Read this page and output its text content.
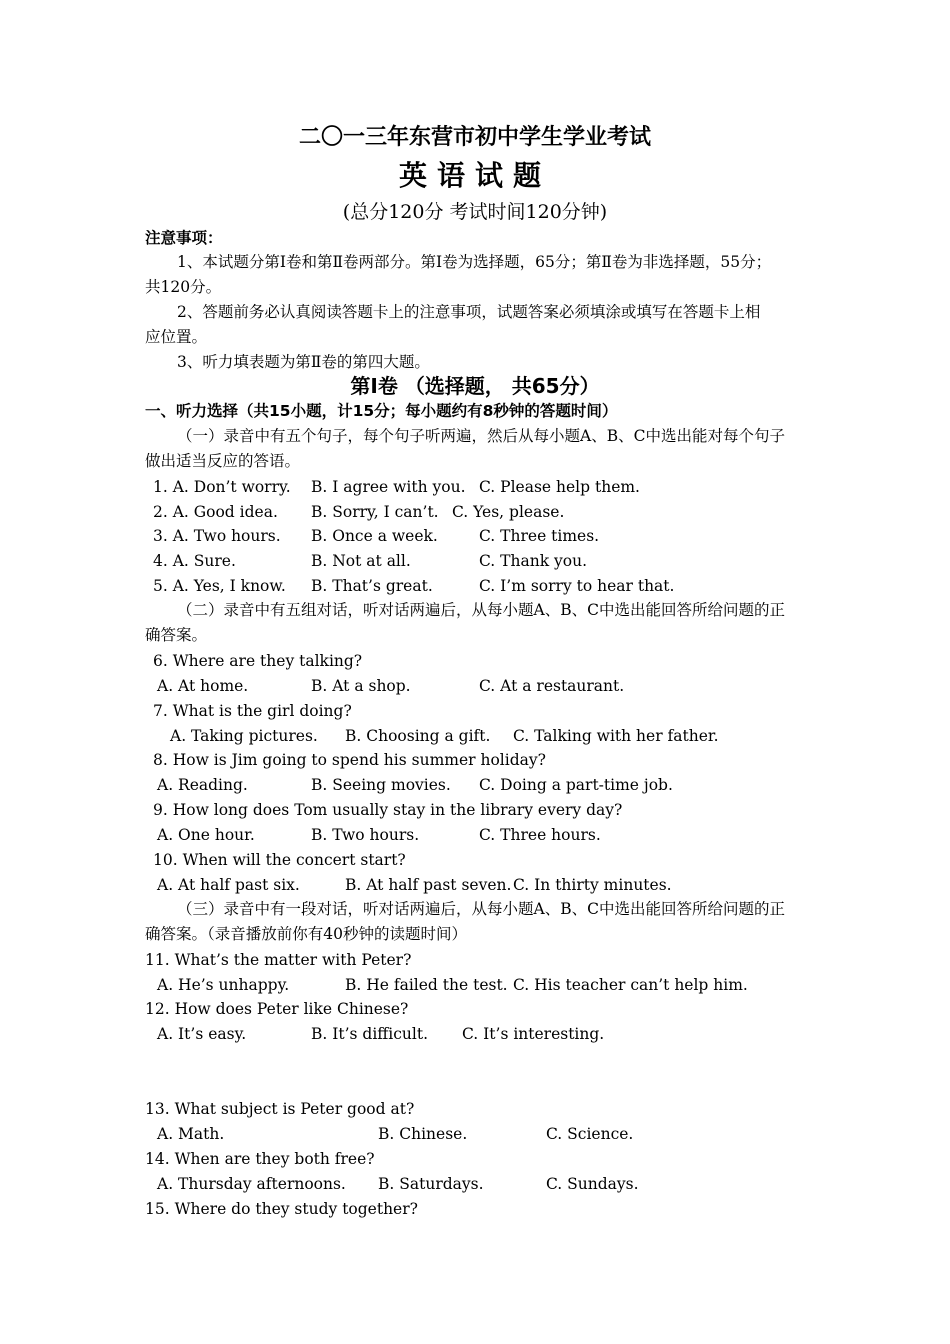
二〇一三年东营市初中学生学业考试
英语试题
(总分120分 考试时间120分钟)
注意事项：
1、本试题分第Ⅰ卷和第Ⅱ卷两部分。第Ⅰ卷为选择题，65分；第Ⅱ卷为非选择题，55分；
共120分。
2、答题前务必认真阅读答题卡上的注意事项，试题答案必须填涂或填写在答题卡上相
应位置。
3、听力填表题为第Ⅱ卷的第四大题。
第Ⅰ卷 （选择题， 共65分）
一、听力选择（共15小题，计15分；每小题约有8秒钟的答题时间）
（一）录音中有五个句子，每个句子听两遍，然后从每小题A、B、C中选出能对每个句子
做出适当反应的答语。
1. A. Don’t worry. B. I agree with you. C. Please help them.
2. A. Good idea. B. Sorry, I can’t. C. Yes, please.
3. A. Two hours. B. Once a week.	C. Three times.
4. A. Sure.	B. Not at all.	C. Thank you.
5. A. Yes, I know. B. That’s great.	C. I’m sorry to hear that.
（二）录音中有五组对话，听对话两遍后，从每小题A、B、C中选出能回答所给问题的正
确答案。
6. Where are they talking?
A. At home.	B. At a shop.	C. At a restaurant.
7. What is the girl doing?
A. Taking pictures. B. Choosing a gift. C. Talking with her father.
8. How is Jim going to spend his summer holiday?
A. Reading.	B. Seeing movies. C. Doing a part-time job.
9. How long does Tom usually stay in the library every day?
A. One hour.	B. Two hours.	C. Three hours.
10. When will the concert start?
A. At half past six.	B. At half past seven. C. In thirty minutes.
（三）录音中有一段对话，听对话两遍后，从每小题A、B、C中选出能回答所给问题的正
确答案。（录音播放前你有40秒钟的读题时间）
11. What’s the matter with Peter?
A. He’s unhappy.	B. He failed the test. C. His teacher can’t help him.
12. How does Peter like Chinese?
A. It’s easy.	B. It’s difficult. C. It’s interesting.
13. What subject is Peter good at?
A. Math.	B. Chinese.	C. Science.
14. When are they both free?
A. Thursday afternoons. B. Saturdays.	C. Sundays.
15. Where do they study together?
